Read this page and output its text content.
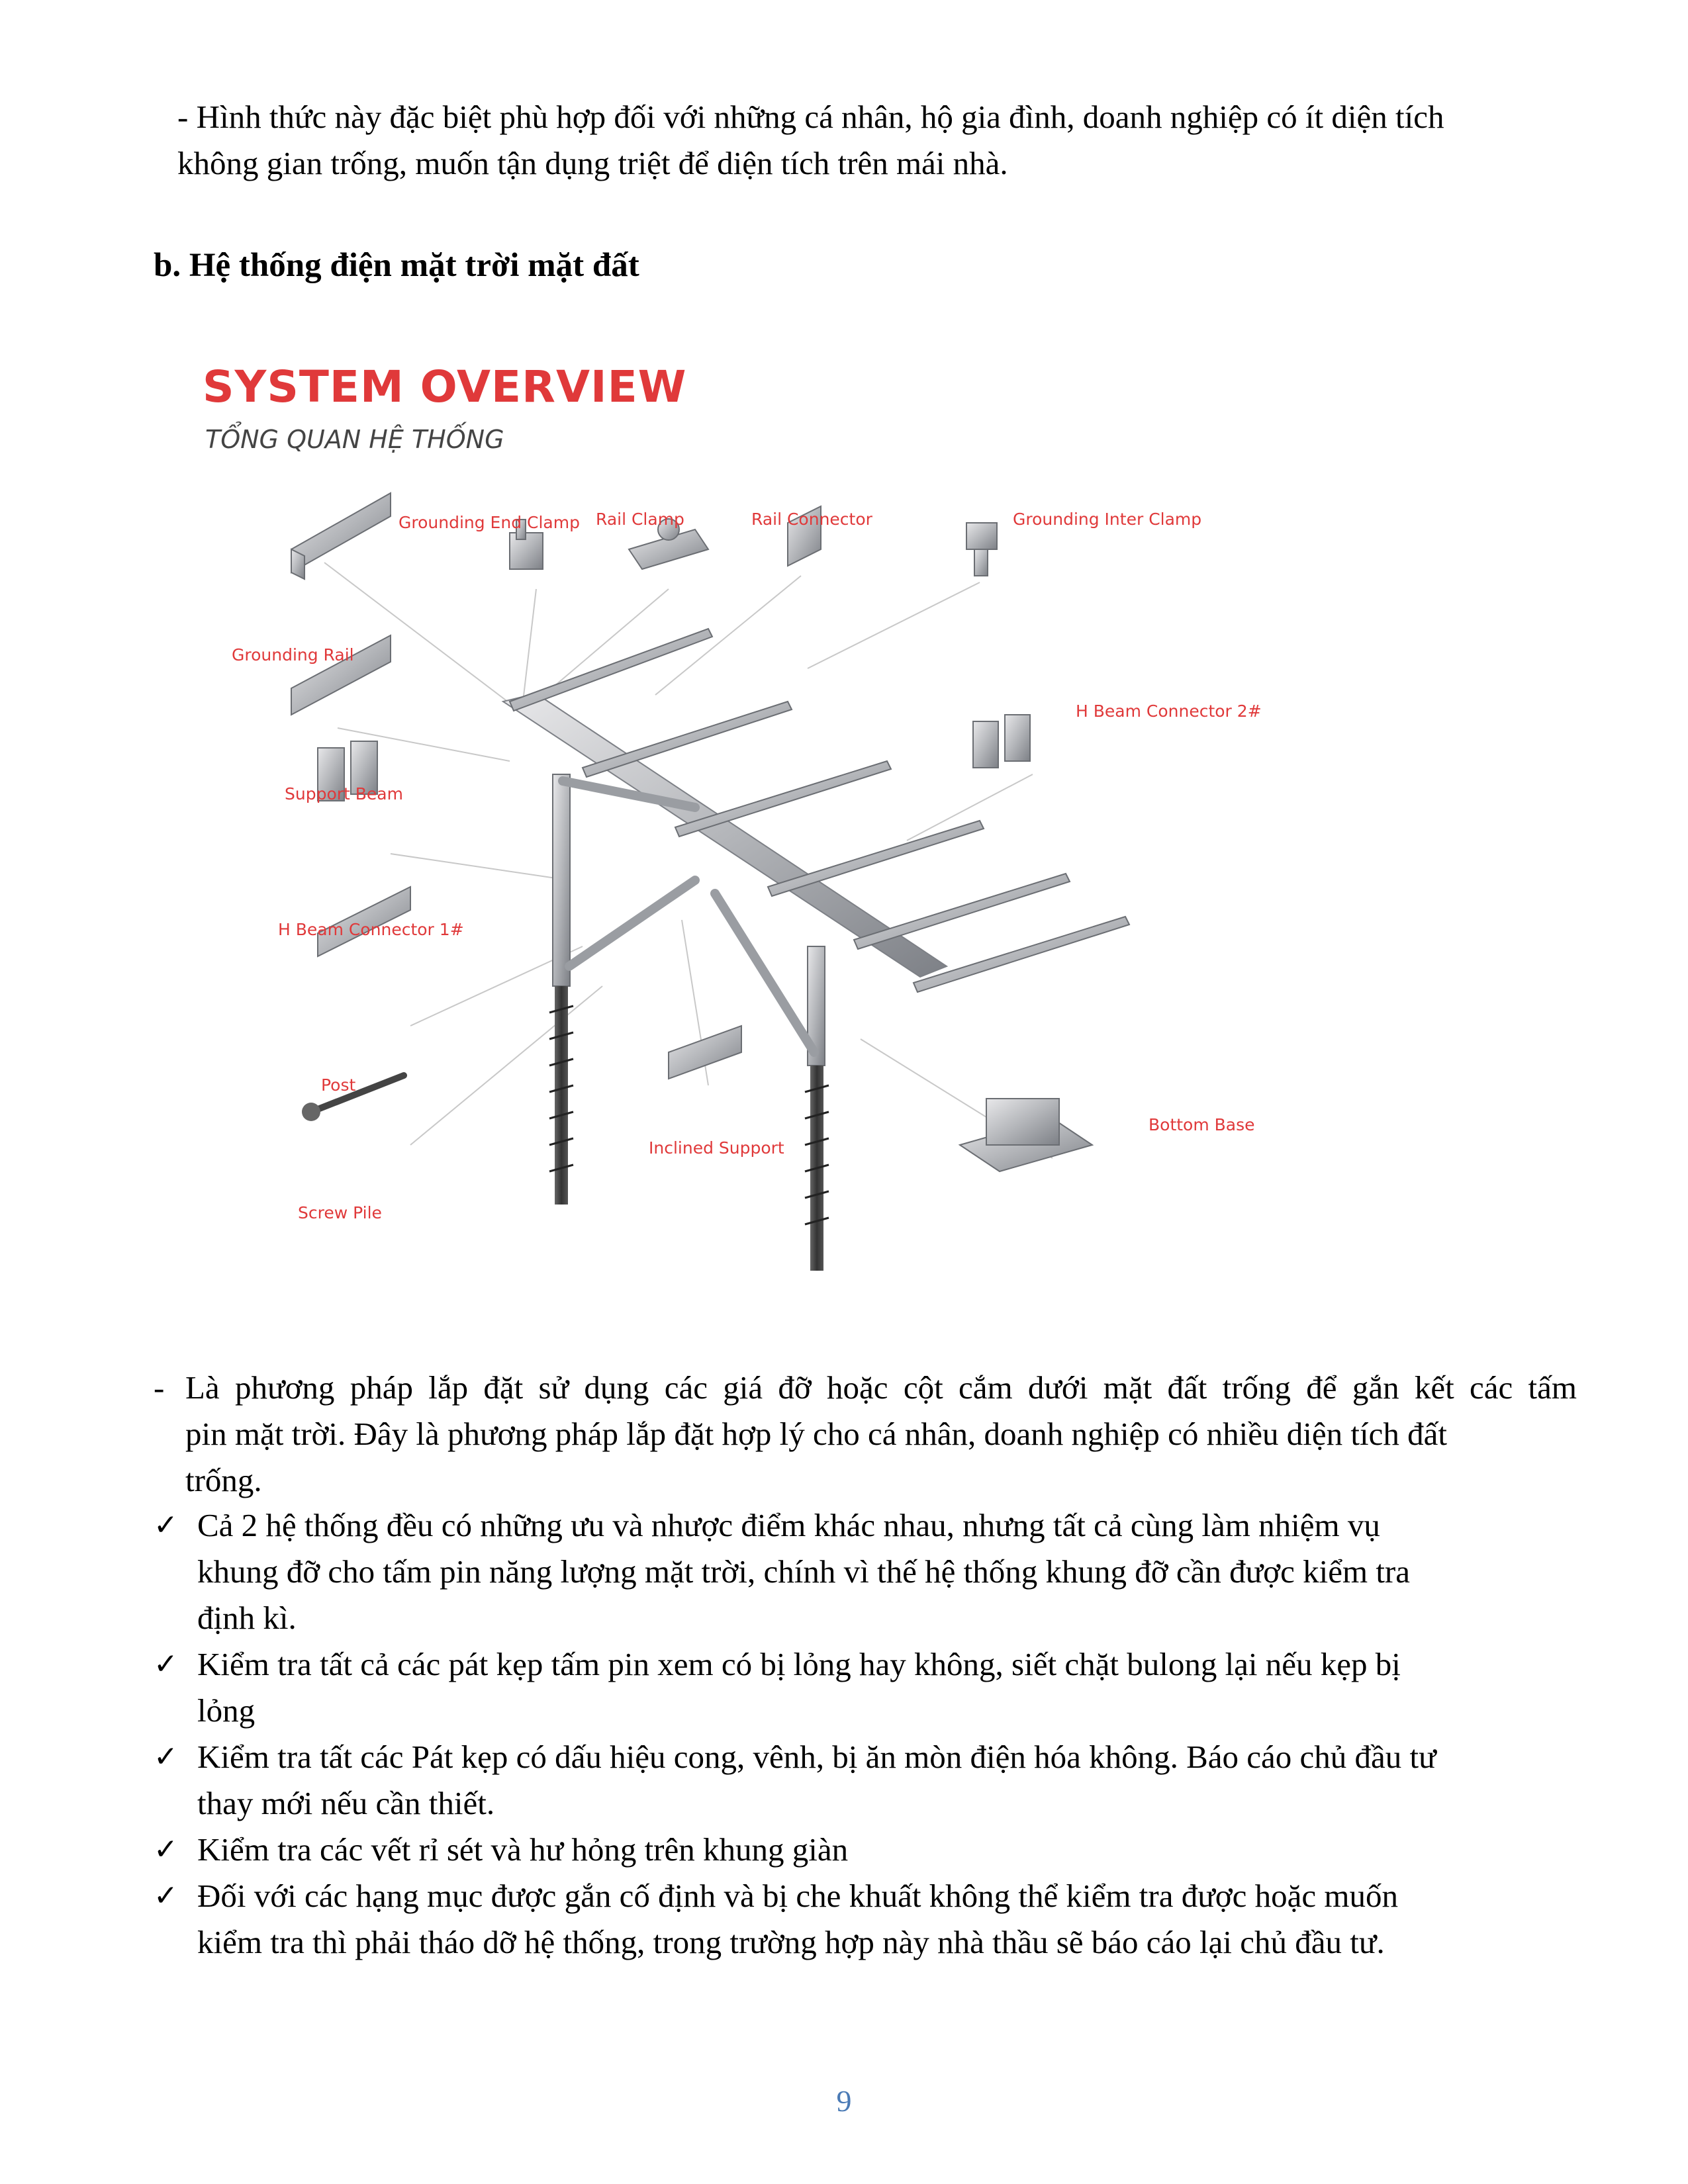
- Hình thức này đặc biệt phù hợp đối với những cá nhân, hộ gia đình, doanh nghiệp có ít diện tích
không gian trống, muốn tận dụng triệt để diện tích trên mái nhà.
b. Hệ thống điện mặt trời mặt đất
SYSTEM OVERVIEW
TỔNG QUAN HỆ THỐNG
Grounding End Clamp Rail Clamp	Rail Connector	Grounding Inter Clamp
Grounding Rail
H Beam Connector 2#
Support Beam
H Beam Connector 1#
Post
Inclined Support
Bottom Base
Screw Pile
- Là phương pháp lắp đặt sử dụng các giá đỡ hoặc cột cắm dưới mặt đất trống để gắn kết các tấm
pin mặt trời. Đây là phương pháp lắp đặt hợp lý cho cá nhân, doanh nghiệp có nhiều diện tích đất
trống.
✓ Cả 2 hệ thống đều có những ưu và nhược điểm khác nhau, nhưng tất cả cùng làm nhiệm vụ
khung đỡ cho tấm pin năng lượng mặt trời, chính vì thế hệ thống khung đỡ cần được kiểm tra
định kì.
✓ Kiểm tra tất cả các pát kẹp tấm pin xem có bị lỏng hay không, siết chặt bulong lại nếu kẹp bị
lỏng
✓ Kiểm tra tất các Pát kẹp có dấu hiệu cong, vênh, bị ăn mòn điện hóa không. Báo cáo chủ đầu tư
thay mới nếu cần thiết.
✓ Kiểm tra các vết rỉ sét và hư hỏng trên khung giàn
✓ Đối với các hạng mục được gắn cố định và bị che khuất không thể kiểm tra được hoặc muốn
kiểm tra thì phải tháo dỡ hệ thống, trong trường hợp này nhà thầu sẽ báo cáo lại chủ đầu tư.
9
